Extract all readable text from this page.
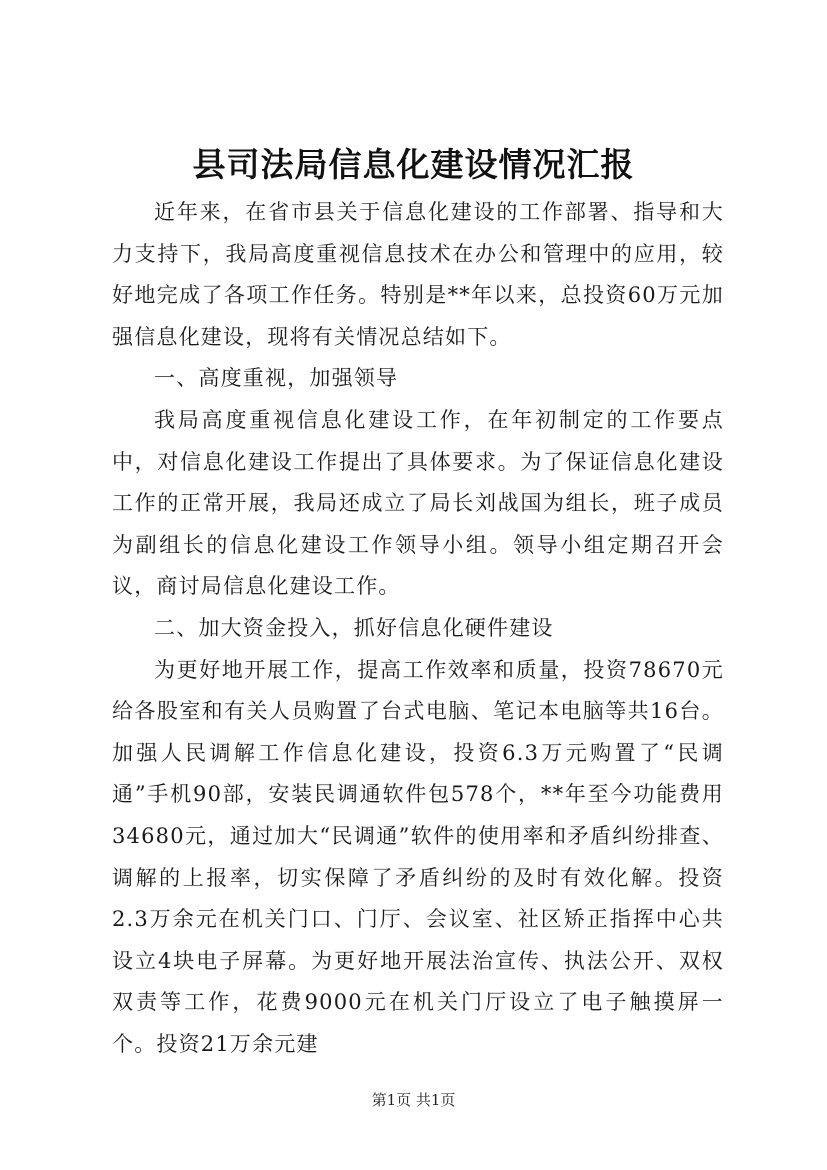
县司法局信息化建设情况汇报

近年来，在省市县关于信息化建设的工作部署、指导和大力支持下，我局高度重视信息技术在办公和管理中的应用，较好地完成了各项工作任务。特别是**年以来，总投资60万元加强信息化建设，现将有关情况总结如下。

一、高度重视，加强领导

我局高度重视信息化建设工作，在年初制定的工作要点中，对信息化建设工作提出了具体要求。为了保证信息化建设工作的正常开展，我局还成立了局长刘战国为组长，班子成员为副组长的信息化建设工作领导小组。领导小组定期召开会议，商讨局信息化建设工作。

二、加大资金投入，抓好信息化硬件建设

为更好地开展工作，提高工作效率和质量，投资78670元给各股室和有关人员购置了台式电脑、笔记本电脑等共16台。加强人民调解工作信息化建设，投资6.3万元购置了“民调通”手机90部，安装民调通软件包578个，**年至今功能费用34680元，通过加大“民调通”软件的使用率和矛盾纠纷排查、调解的上报率，切实保障了矛盾纠纷的及时有效化解。投资2.3万余元在机关门口、门厅、会议室、社区矫正指挥中心共设立4块电子屏幕。为更好地开展法治宣传、执法公开、双权双责等工作，花费9000元在机关门厅设立了电子触摸屏一个。投资21万余元建

第1页 共1页
